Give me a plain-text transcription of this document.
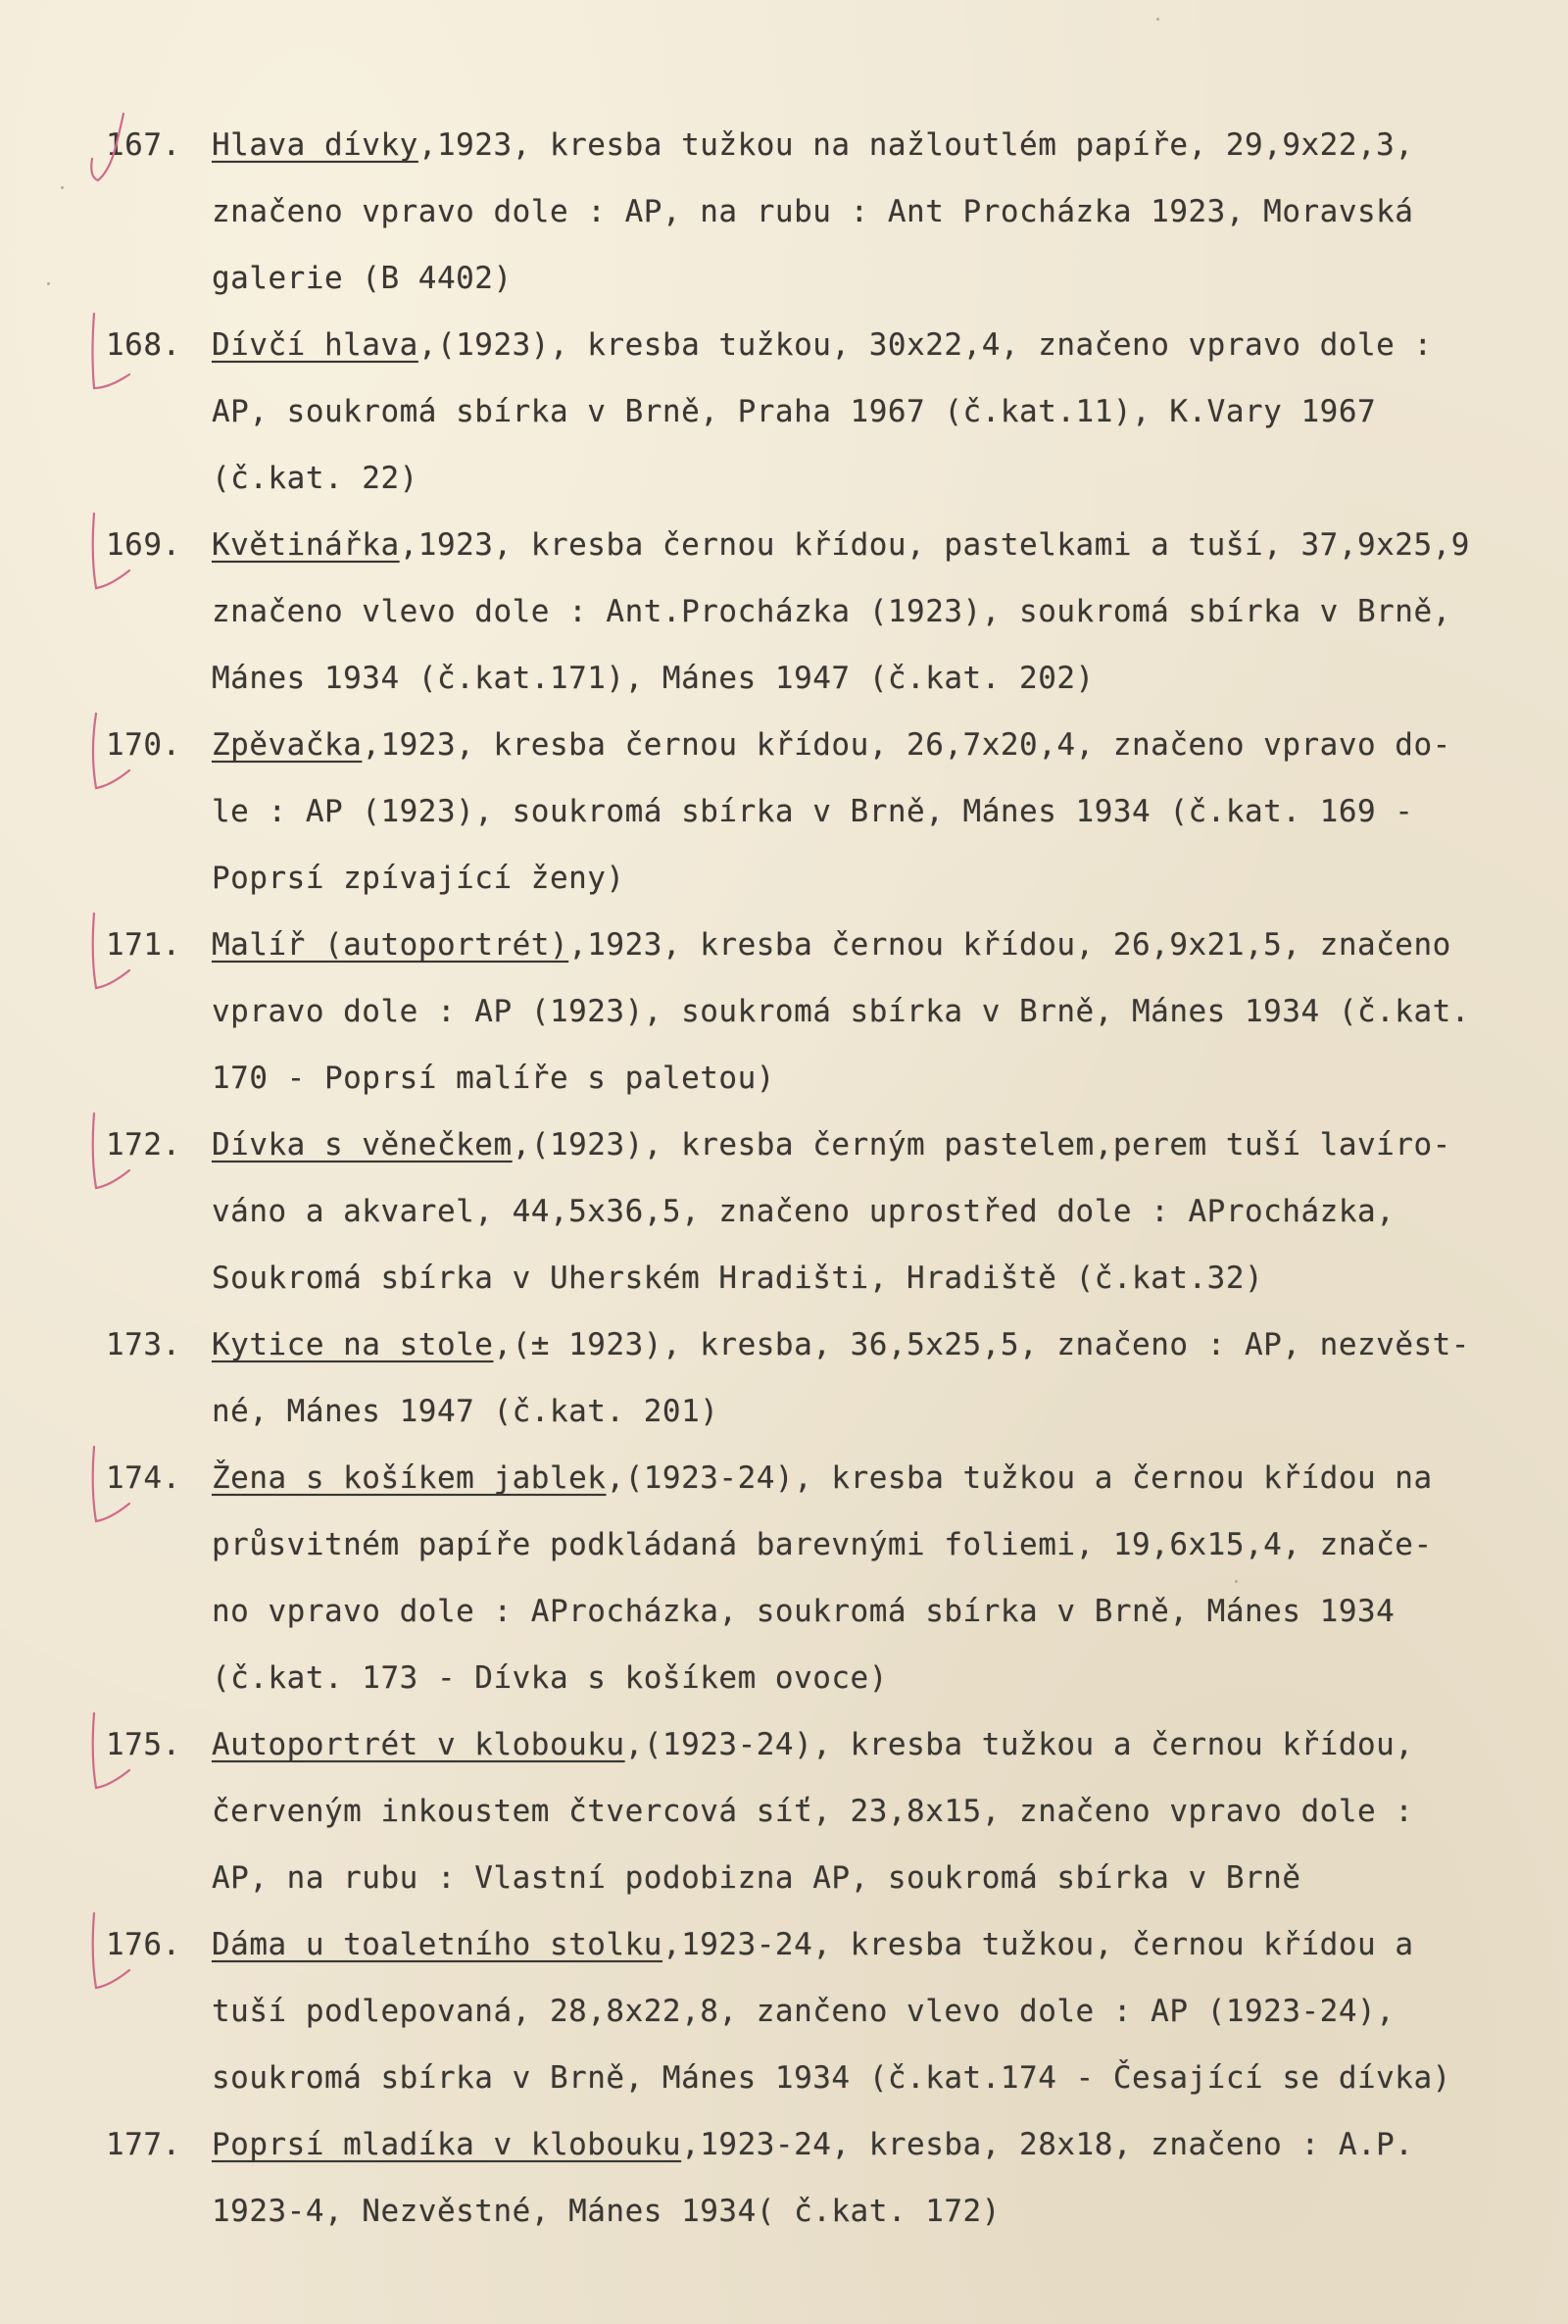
167. Hlava dívky,1923, kresba tužkou na nažloutlém papíře, 29,9x22,3,
značeno vpravo dole : AP, na rubu : Ant Procházka 1923, Moravská
galerie (B 4402)
168. Dívčí hlava,(1923), kresba tužkou, 30x22,4, značeno vpravo dole :
AP, soukromá sbírka v Brně, Praha 1967 (č.kat.11), K.Vary 1967
(č.kat. 22)
169. Květinářka,1923, kresba černou křídou, pastelkami a tuší, 37,9x25,9
značeno vlevo dole : Ant.Procházka (1923), soukromá sbírka v Brně,
Mánes 1934 (č.kat.171), Mánes 1947 (č.kat. 202)
170. Zpěvačka,1923, kresba černou křídou, 26,7x20,4, značeno vpravo do-
le : AP (1923), soukromá sbírka v Brně, Mánes 1934 (č.kat. 169 -
Poprsí zpívající ženy)
171. Malíř (autoportrét),1923, kresba černou křídou, 26,9x21,5, značeno
vpravo dole : AP (1923), soukromá sbírka v Brně, Mánes 1934 (č.kat.
170 - Poprsí malíře s paletou)
172. Dívka s věnečkem,(1923), kresba černým pastelem,perem tuší lavíro-
váno a akvarel, 44,5x36,5, značeno uprostřed dole : AProcházka,
Soukromá sbírka v Uherském Hradišti, Hradiště (č.kat.32)
173. Kytice na stole,(± 1923), kresba, 36,5x25,5, značeno : AP, nezvěst-
né, Mánes 1947 (č.kat. 201)
174. Žena s košíkem jablek,(1923-24), kresba tužkou a černou křídou na
průsvitném papíře podkládaná barevnými foliemi, 19,6x15,4, znače-
no vpravo dole : AProcházka, soukromá sbírka v Brně, Mánes 1934
(č.kat. 173 - Dívka s košíkem ovoce)
175. Autoportrét v klobouku,(1923-24), kresba tužkou a černou křídou,
červeným inkoustem čtvercová síť, 23,8x15, značeno vpravo dole :
AP, na rubu : Vlastní podobizna AP, soukromá sbírka v Brně
176. Dáma u toaletního stolku,1923-24, kresba tužkou, černou křídou a
tuší podlepovaná, 28,8x22,8, zančeno vlevo dole : AP (1923-24),
soukromá sbírka v Brně, Mánes 1934 (č.kat.174 - Česající se dívka)
177. Poprsí mladíka v klobouku,1923-24, kresba, 28x18, značeno : A.P.
1923-4, Nezvěstné, Mánes 1934( č.kat. 172)
